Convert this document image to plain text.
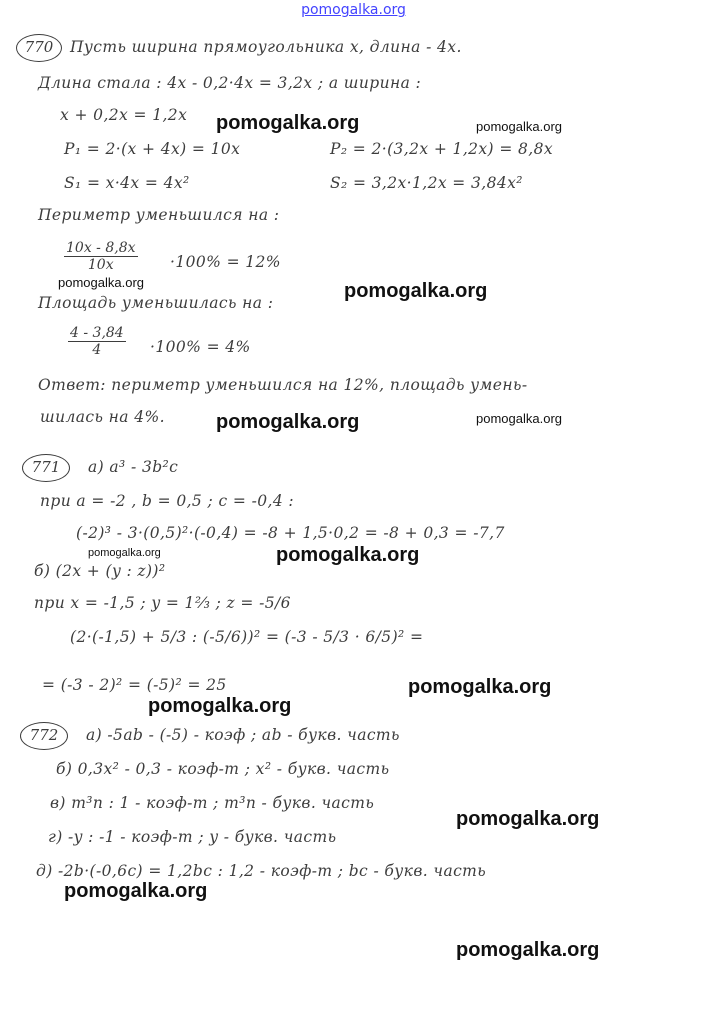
pomogalka.org
770	Пусть ширина прямоугольника x, длина - 4x.
Длина стала : 4x - 0,2·4x = 3,2x ; а ширина :
x + 0,2x = 1,2x
P₁ = 2·(x + 4x) = 10x	P₂ = 2·(3,2x + 1,2x) = 8,8x
S₁ = x·4x = 4x²	S₂ = 3,2x·1,2x = 3,84x²
Периметр уменьшился на :
$\frac{10x - 8,8x}{10x} \cdot 100\% = 12\%$
Площадь уменьшилась на :
$\frac{4 - 3,84}{4} \cdot 100\% = 4\%$
Ответ: периметр уменьшился на 12%, площадь умень-
шилась на 4%.
771	а) a³ - 3b²c
при a = -2 , b = 0,5 ; c = -0,4 :
(-2)³ - 3·(0,5)²·(-0,4) = -8 + 1,5·0,2 = -8 + 0,3 = -7,7
б) (2x + (y : z))²
при x = -1,5 ; y = 1⅔ ; z = -5/6
(2·(-1,5) + 5/3 : (-5/6))² = (-3 - 5/3 · 6/5)² =
= (-3 - 2)² = (-5)² = 25
772	а) -5ab - (-5) - коэф ; ab - букв. часть
б) 0,3x² - 0,3 - коэф-т ; x² - букв. часть
в) m³n : 1 - коэф-т ; m³n - букв. часть
г) -y : -1 - коэф-т ; y - букв. часть
д) -2b·(-0,6c) = 1,2bc : 1,2 - коэф-т ; bc - букв. часть
pomogalka.org	pomogalka.org
pomogalka.org	pomogalka.org
pomogalka.org	pomogalka.org
pomogalka.org	pomogalka.org
pomogalka.org
pomogalka.org
pomogalka.org
pomogalka.org
pomogalka.org
